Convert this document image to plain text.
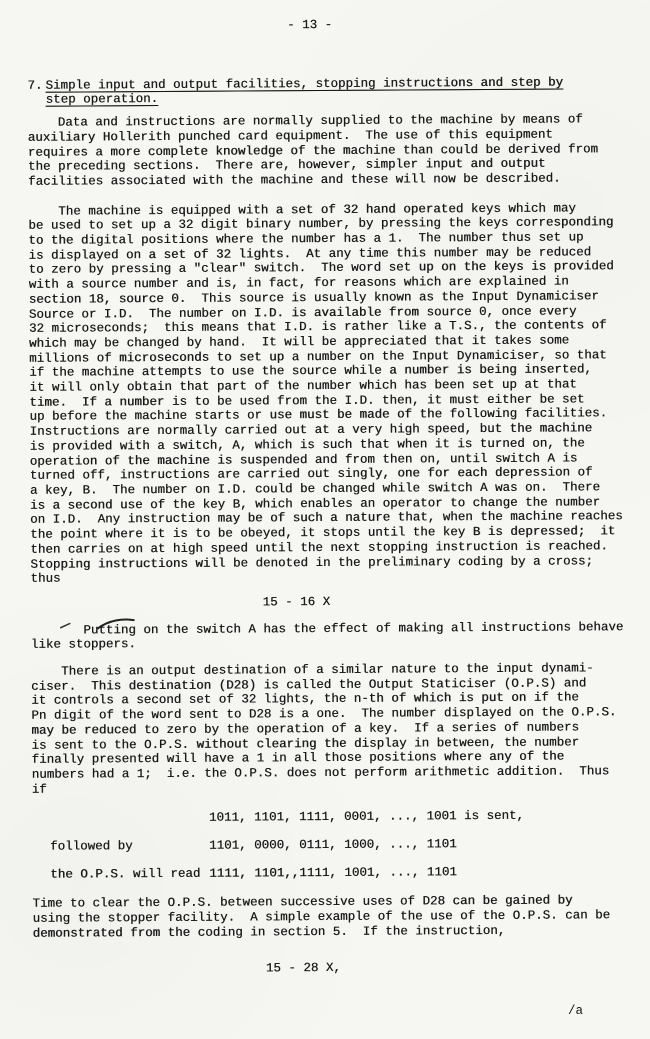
- 13 -
7. Simple input and output facilities, stopping instructions and step by
step operation.

Data and instructions are normally supplied to the machine by means of
auxiliary Hollerith punched card equipment.  The use of this equipment
requires a more complete knowledge of the machine than could be derived from
the preceding sections.  There are, however, simpler input and output
facilities associated with the machine and these will now be described.

The machine is equipped with a set of 32 hand operated keys which may
be used to set up a 32 digit binary number, by pressing the keys corresponding
to the digital positions where the number has a 1.  The number thus set up
is displayed on a set of 32 lights.  At any time this number may be reduced
to zero by pressing a "clear" switch.  The word set up on the keys is provided
with a source number and is, in fact, for reasons which are explained in
section 18, source 0.  This source is usually known as the Input Dynamiciser
Source or I.D.  The number on I.D. is available from source 0, once every
32 microseconds;  this means that I.D. is rather like a T.S., the contents of
which may be changed by hand.  It will be appreciated that it takes some
millions of microseconds to set up a number on the Input Dynamiciser, so that
if the machine attempts to use the source while a number is being inserted,
it will only obtain that part of the number which has been set up at that
time.  If a number is to be used from the I.D. then, it must either be set
up before the machine starts or use must be made of the following facilities.
Instructions are normally carried out at a very high speed, but the machine
is provided with a switch, A, which is such that when it is turned on, the
operation of the machine is suspended and from then on, until switch A is
turned off, instructions are carried out singly, one for each depression of
a key, B.  The number on I.D. could be changed while switch A was on.  There
is a second use of the key B, which enables an operator to change the number
on I.D.  Any instruction may be of such a nature that, when the machine reaches
the point where it is to be obeyed, it stops until the key B is depressed;  it
then carries on at high speed until the next stopping instruction is reached.
Stopping instructions will be denoted in the preliminary coding by a cross;
thus

15 - 16 X

Putting on the switch A has the effect of making all instructions behave
like stoppers.

There is an output destination of a similar nature to the input dynami-
ciser.  This destination (D28) is called the Output Staticiser (O.P.S) and
it controls a second set of 32 lights, the n-th of which is put on if the
Pn digit of the word sent to D28 is a one.  The number displayed on the O.P.S.
may be reduced to zero by the operation of a key.  If a series of numbers
is sent to the O.P.S. without clearing the display in between, the number
finally presented will have a 1 in all those positions where any of the
numbers had a 1;  i.e. the O.P.S. does not perform arithmetic addition.  Thus
if

1011, 1101, 1111, 0001, ..., 1001 is sent,
followed by	1101, 0000, 0111, 1000, ..., 1101
the O.P.S. will read 1111, 1101,,1111, 1001, ..., 1101

Time to clear the O.P.S. between successive uses of D28 can be gained by
using the stopper facility.  A simple example of the use of the O.P.S. can be
demonstrated from the coding in section 5.  If the instruction,

15 - 28 X,
/a
